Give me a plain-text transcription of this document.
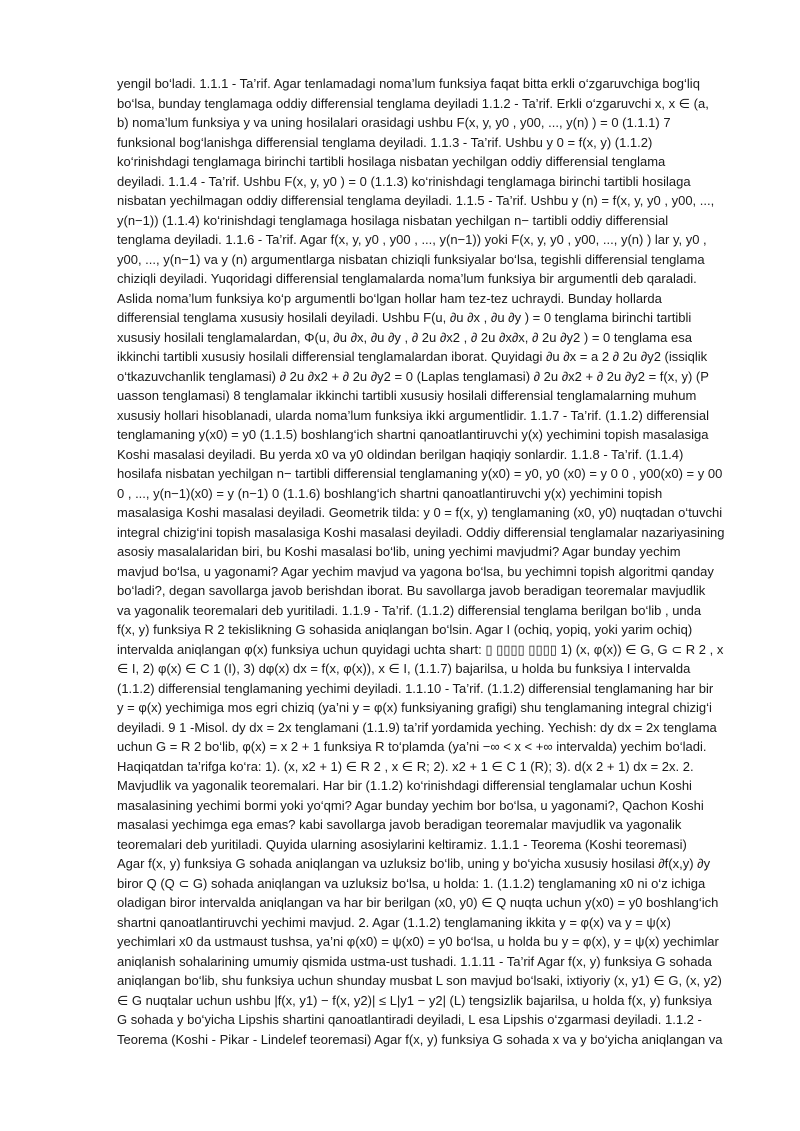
yengil bo‘ladi. 1.1.1 - Ta’rif. Agar tenlamadagi noma’lum funksiya faqat bitta erkli o‘zgaruvchiga bog‘liq
bo‘lsa, bunday tenglamaga oddiy differensial tenglama deyiladi 1.1.2 - Ta’rif. Erkli o‘zgaruvchi x, x ∈ (a,
b) noma’lum funksiya y va uning hosilalari orasidagi ushbu F(x, y, y0 , y00, ..., y(n) ) = 0 (1.1.1) 7
funksional bog‘lanishga differensial tenglama deyiladi. 1.1.3 - Ta’rif. Ushbu y 0 = f(x, y) (1.1.2)
ko‘rinishdagi tenglamaga birinchi tartibli hosilaga nisbatan yechilgan oddiy differensial tenglama
deyiladi. 1.1.4 - Ta’rif. Ushbu F(x, y, y0 ) = 0 (1.1.3) ko‘rinishdagi tenglamaga birinchi tartibli hosilaga
nisbatan yechilmagan oddiy differensial tenglama deyiladi. 1.1.5 - Ta’rif. Ushbu y (n) = f(x, y, y0 , y00, ...,
y(n−1)) (1.1.4) ko‘rinishdagi tenglamaga hosilaga nisbatan yechilgan n− tartibli oddiy differensial
tenglama deyiladi. 1.1.6 - Ta’rif. Agar f(x, y, y0 , y00 , ..., y(n−1)) yoki F(x, y, y0 , y00, ..., y(n) ) lar y, y0 ,
y00, ..., y(n−1) va y (n) argumentlarga nisbatan chiziqli funksiyalar bo‘lsa, tegishli differensial tenglama
chiziqli deyiladi. Yuqoridagi differensial tenglamalarda noma’lum funksiya bir argumentli deb qaraladi.
Aslida noma’lum funksiya ko‘p argumentli bo‘lgan hollar ham tez-tez uchraydi. Bunday hollarda
differensial tenglama xususiy hosilali deyiladi. Ushbu F(u, ∂u ∂x , ∂u ∂y ) = 0 tenglama birinchi tartibli
xususiy hosilali tenglamalardan, Φ(u, ∂u ∂x, ∂u ∂y , ∂ 2u ∂x2 , ∂ 2u ∂x∂x, ∂ 2u ∂y2 ) = 0 tenglama esa
ikkinchi tartibli xususiy hosilali differensial tenglamalardan iborat. Quyidagi ∂u ∂x = a 2 ∂ 2u ∂y2 (issiqlik
o‘tkazuvchanlik tenglamasi) ∂ 2u ∂x2 + ∂ 2u ∂y2 = 0 (Laplas tenglamasi) ∂ 2u ∂x2 + ∂ 2u ∂y2 = f(x, y) (P
uasson tenglamasi) 8 tenglamalar ikkinchi tartibli xususiy hosilali differensial tenglamalarning muhum
xususiy hollari hisoblanadi, ularda noma’lum funksiya ikki argumentlidir. 1.1.7 - Ta’rif. (1.1.2) differensial
tenglamaning y(x0) = y0 (1.1.5) boshlang‘ich shartni qanoatlantiruvchi y(x) yechimini topish masalasiga
Koshi masalasi deyiladi. Bu yerda x0 va y0 oldindan berilgan haqiqiy sonlardir. 1.1.8 - Ta’rif. (1.1.4)
hosilafa nisbatan yechilgan n− tartibli differensial tenglamaning y(x0) = y0, y0 (x0) = y 0 0 , y00(x0) = y 00
0 , ..., y(n−1)(x0) = y (n−1) 0 (1.1.6) boshlang‘ich shartni qanoatlantiruvchi y(x) yechimini topish
masalasiga Koshi masalasi deyiladi. Geometrik tilda: y 0 = f(x, y) tenglamaning (x0, y0) nuqtadan o‘tuvchi
integral chizig‘ini topish masalasiga Koshi masalasi deyiladi. Oddiy differensial tenglamalar nazariyasining
asosiy masalalaridan biri, bu Koshi masalasi bo‘lib, uning yechimi mavjudmi? Agar bunday yechim
mavjud bo‘lsa, u yagonami? Agar yechim mavjud va yagona bo‘lsa, bu yechimni topish algoritmi qanday
bo‘ladi?, degan savollarga javob berishdan iborat. Bu savollarga javob beradigan teoremalar mavjudlik
va yagonalik teoremalari deb yuritiladi. 1.1.9 - Ta’rif. (1.1.2) differensial tenglama berilgan bo‘lib , unda
f(x, y) funksiya R 2 tekislikning G sohasida aniqlangan bo‘lsin. Agar I (ochiq, yopiq, yoki yarim ochiq)
intervalda aniqlangan φ(x) funksiya uchun quyidagi uchta shart: ▯ ▯▯▯▯ ▯▯▯▯ 1) (x, φ(x)) ∈ G, G ⊂ R 2 , x
∈ I, 2) φ(x) ∈ C 1 (I), 3) dφ(x) dx = f(x, φ(x)), x ∈ I, (1.1.7) bajarilsa, u holda bu funksiya I intervalda
(1.1.2) differensial tenglamaning yechimi deyiladi. 1.1.10 - Ta’rif. (1.1.2) differensial tenglamaning har bir
y = φ(x) yechimiga mos egri chiziq (ya’ni y = φ(x) funksiyaning grafigi) shu tenglamaning integral chizig‘i
deyiladi. 9 1 -Misol. dy dx = 2x tenglamani (1.1.9) ta’rif yordamida yeching. Yechish: dy dx = 2x tenglama
uchun G = R 2 bo‘lib, φ(x) = x 2 + 1 funksiya R to‘plamda (ya’ni −∞ < x < +∞ intervalda) yechim bo‘ladi.
Haqiqatdan ta’rifga ko‘ra: 1). (x, x2 + 1) ∈ R 2 , x ∈ R; 2). x2 + 1 ∈ C 1 (R); 3). d(x 2 + 1) dx = 2x. 2.
Mavjudlik va yagonalik teoremalari. Har bir (1.1.2) ko‘rinishdagi differensial tenglamalar uchun Koshi
masalasining yechimi bormi yoki yo‘qmi? Agar bunday yechim bor bo‘lsa, u yagonami?, Qachon Koshi
masalasi yechimga ega emas? kabi savollarga javob beradigan teoremalar mavjudlik va yagonalik
teoremalari deb yuritiladi. Quyida ularning asosiylarini keltiramiz. 1.1.1 - Teorema (Koshi teoremasi)
Agar f(x, y) funksiya G sohada aniqlangan va uzluksiz bo‘lib, uning y bo‘yicha xususiy hosilasi ∂f(x,y) ∂y
biror Q (Q ⊂ G) sohada aniqlangan va uzluksiz bo‘lsa, u holda: 1. (1.1.2) tenglamaning x0 ni o‘z ichiga
oladigan biror intervalda aniqlangan va har bir berilgan (x0, y0) ∈ Q nuqta uchun y(x0) = y0 boshlang‘ich
shartni qanoatlantiruvchi yechimi mavjud. 2. Agar (1.1.2) tenglamaning ikkita y = φ(x) va y = ψ(x)
yechimlari x0 da ustmaust tushsa, ya’ni φ(x0) = ψ(x0) = y0 bo‘lsa, u holda bu y = φ(x), y = ψ(x) yechimlar
aniqlanish sohalarining umumiy qismida ustma-ust tushadi. 1.1.11 - Ta’rif Agar f(x, y) funksiya G sohada
aniqlangan bo‘lib, shu funksiya uchun shunday musbat L son mavjud bo‘lsaki, ixtiyoriy (x, y1) ∈ G, (x, y2)
∈ G nuqtalar uchun ushbu |f(x, y1) − f(x, y2)| ≤ L|y1 − y2| (L) tengsizlik bajarilsa, u holda f(x, y) funksiya
G sohada y bo‘yicha Lipshis shartini qanoatlantiradi deyiladi, L esa Lipshis o‘zgarmasi deyiladi. 1.1.2 -
Teorema (Koshi - Pikar - Lindelef teoremasi) Agar f(x, y) funksiya G sohada x va y bo‘yicha aniqlangan va
